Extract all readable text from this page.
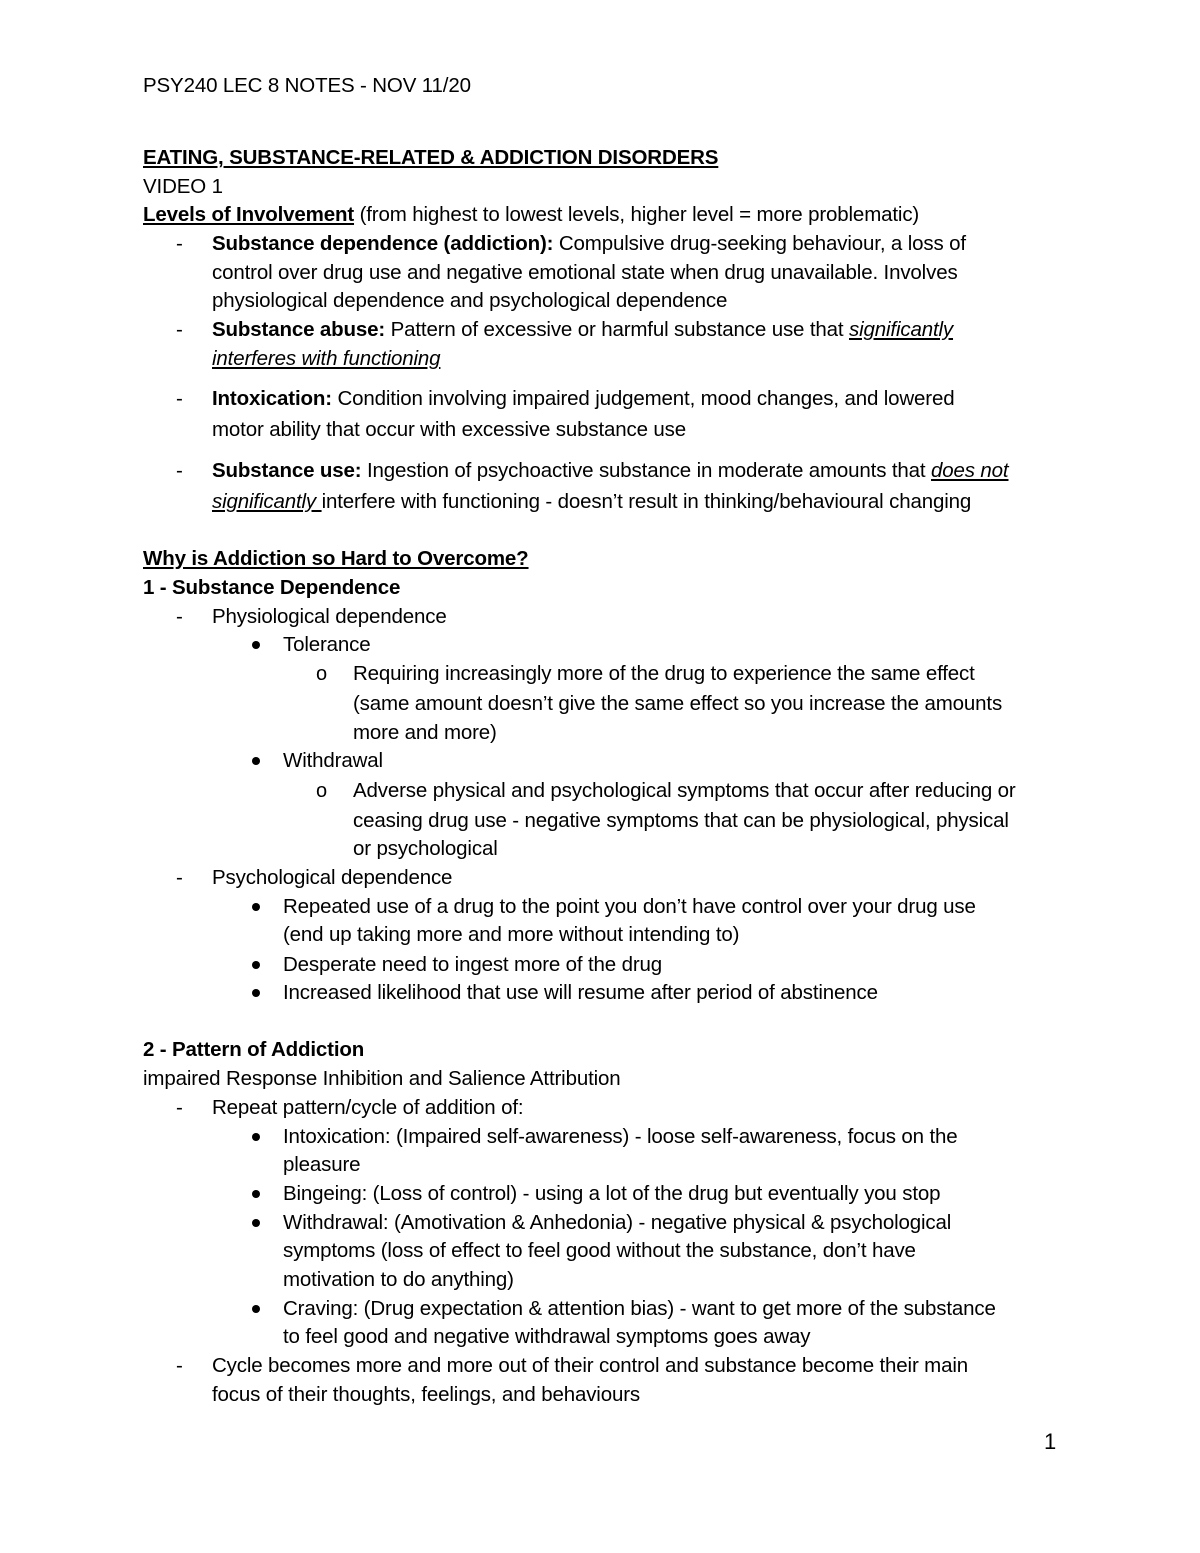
PSY240 LEC 8 NOTES - NOV 11/20
EATING, SUBSTANCE-RELATED & ADDICTION DISORDERS
VIDEO 1
Levels of Involvement (from highest to lowest levels, higher level = more problematic)
- Substance dependence (addiction): Compulsive drug-seeking behaviour, a loss of
control over drug use and negative emotional state when drug unavailable. Involves
physiological dependence and psychological dependence
- Substance abuse: Pattern of excessive or harmful substance use that significantly
interferes with functioning
- Intoxication: Condition involving impaired judgement, mood changes, and lowered
motor ability that occur with excessive substance use
- Substance use: Ingestion of psychoactive substance in moderate amounts that does not
significantly interfere with functioning - doesn’t result in thinking/behavioural changing
Why is Addiction so Hard to Overcome?
1 - Substance Dependence
- Physiological dependence
Tolerance
o Requiring increasingly more of the drug to experience the same effect
(same amount doesn’t give the same effect so you increase the amounts
more and more)
Withdrawal
o Adverse physical and psychological symptoms that occur after reducing or
ceasing drug use - negative symptoms that can be physiological, physical
or psychological
- Psychological dependence
Repeated use of a drug to the point you don’t have control over your drug use
(end up taking more and more without intending to)
Desperate need to ingest more of the drug
Increased likelihood that use will resume after period of abstinence
2 - Pattern of Addiction
impaired Response Inhibition and Salience Attribution
- Repeat pattern/cycle of addition of:
Intoxication: (Impaired self-awareness) - loose self-awareness, focus on the
pleasure
Bingeing: (Loss of control) - using a lot of the drug but eventually you stop
Withdrawal: (Amotivation & Anhedonia) - negative physical & psychological
symptoms (loss of effect to feel good without the substance, don’t have
motivation to do anything)
Craving: (Drug expectation & attention bias) - want to get more of the substance
to feel good and negative withdrawal symptoms goes away
- Cycle becomes more and more out of their control and substance become their main
focus of their thoughts, feelings, and behaviours
1
